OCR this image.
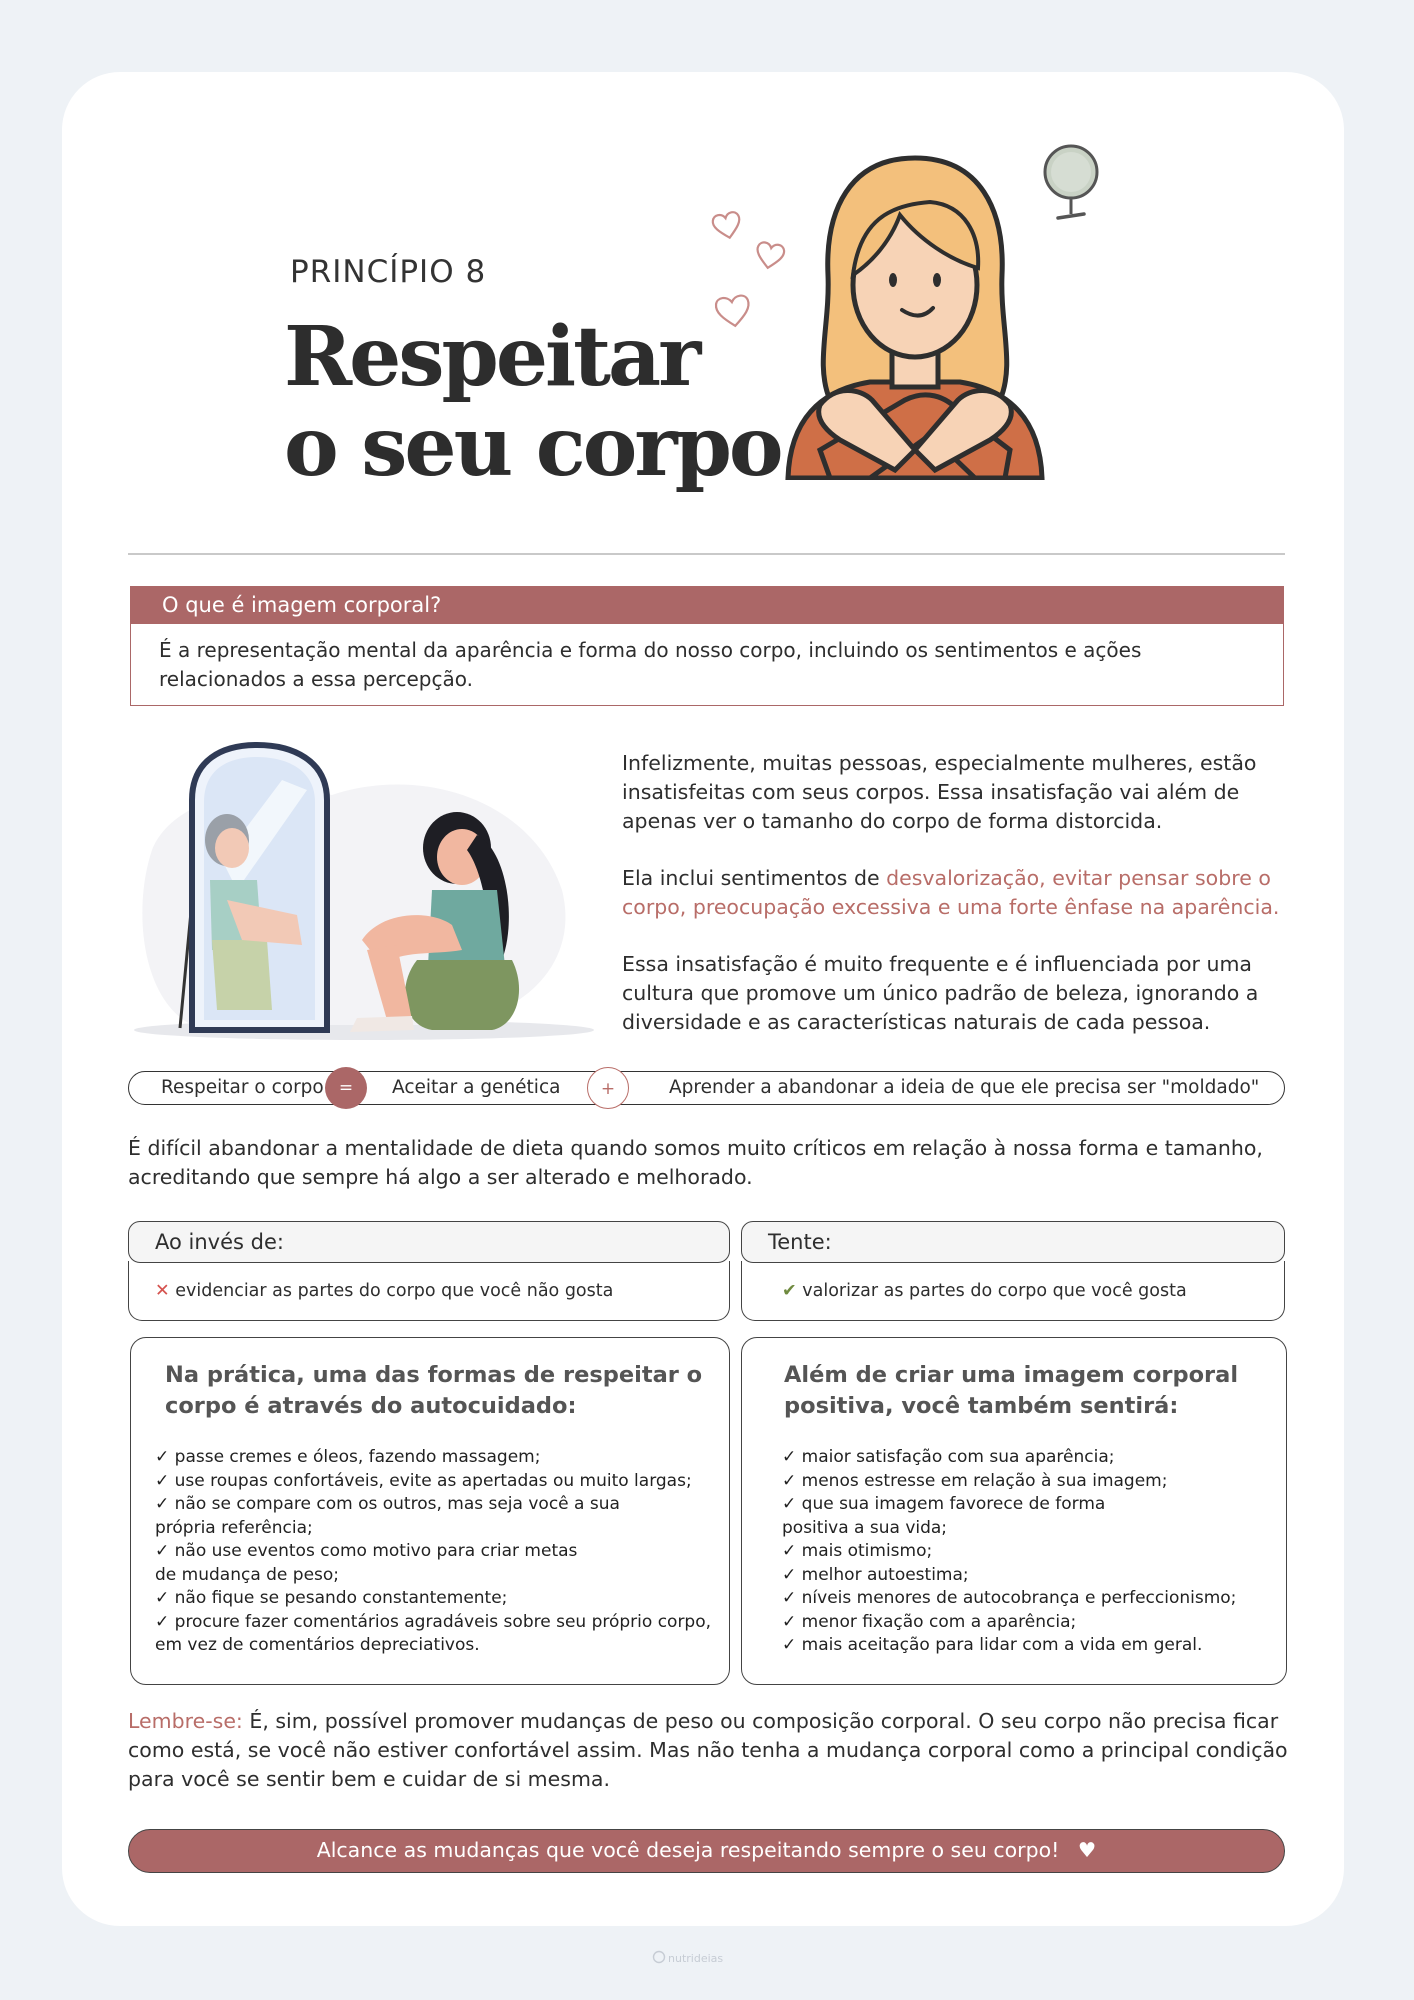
PRINCÍPIO 8
Respeitar
o seu corpo
O que é imagem corporal?
É a representação mental da aparência e forma do nosso corpo, incluindo os sentimentos e ações relacionados a essa percepção.
Infelizmente, muitas pessoas, especialmente mulheres, estão insatisfeitas com seus corpos. Essa insatisfação vai além de apenas ver o tamanho do corpo de forma distorcida.
Ela inclui sentimentos de desvalorização, evitar pensar sobre o corpo, preocupação excessiva e uma forte ênfase na aparência.
Essa insatisfação é muito frequente e é influenciada por uma cultura que promove um único padrão de beleza, ignorando a diversidade e as características naturais de cada pessoa.
Respeitar o corpo =	Aceitar a genética	+	Aprender a abandonar a ideia de que ele precisa ser "moldado"
É difícil abandonar a mentalidade de dieta quando somos muito críticos em relação à nossa forma e tamanho, acreditando que sempre há algo a ser alterado e melhorado.
Ao invés de:
✕ evidenciar as partes do corpo que você não gosta
Tente:
✔ valorizar as partes do corpo que você gosta
Na prática, uma das formas de respeitar o
corpo é através do autocuidado:
✓ passe cremes e óleos, fazendo massagem;
✓ use roupas confortáveis, evite as apertadas ou muito largas;
✓ não se compare com os outros, mas seja você a sua
própria referência;
✓ não use eventos como motivo para criar metas
de mudança de peso;
✓ não fique se pesando constantemente;
✓ procure fazer comentários agradáveis sobre seu próprio corpo,
em vez de comentários depreciativos.
Além de criar uma imagem corporal
positiva, você também sentirá:
✓ maior satisfação com sua aparência;
✓ menos estresse em relação à sua imagem;
✓ que sua imagem favorece de forma
positiva a sua vida;
✓ mais otimismo;
✓ melhor autoestima;
✓ níveis menores de autocobrança e perfeccionismo;
✓ menor fixação com a aparência;
✓ mais aceitação para lidar com a vida em geral.
Lembre-se: É, sim, possível promover mudanças de peso ou composição corporal. O seu corpo não precisa ficar como está, se você não estiver confortável assim. Mas não tenha a mudança corporal como a principal condição para você se sentir bem e cuidar de si mesma.
Alcance as mudanças que você deseja respeitando sempre o seu corpo! ♥
nutrideias
